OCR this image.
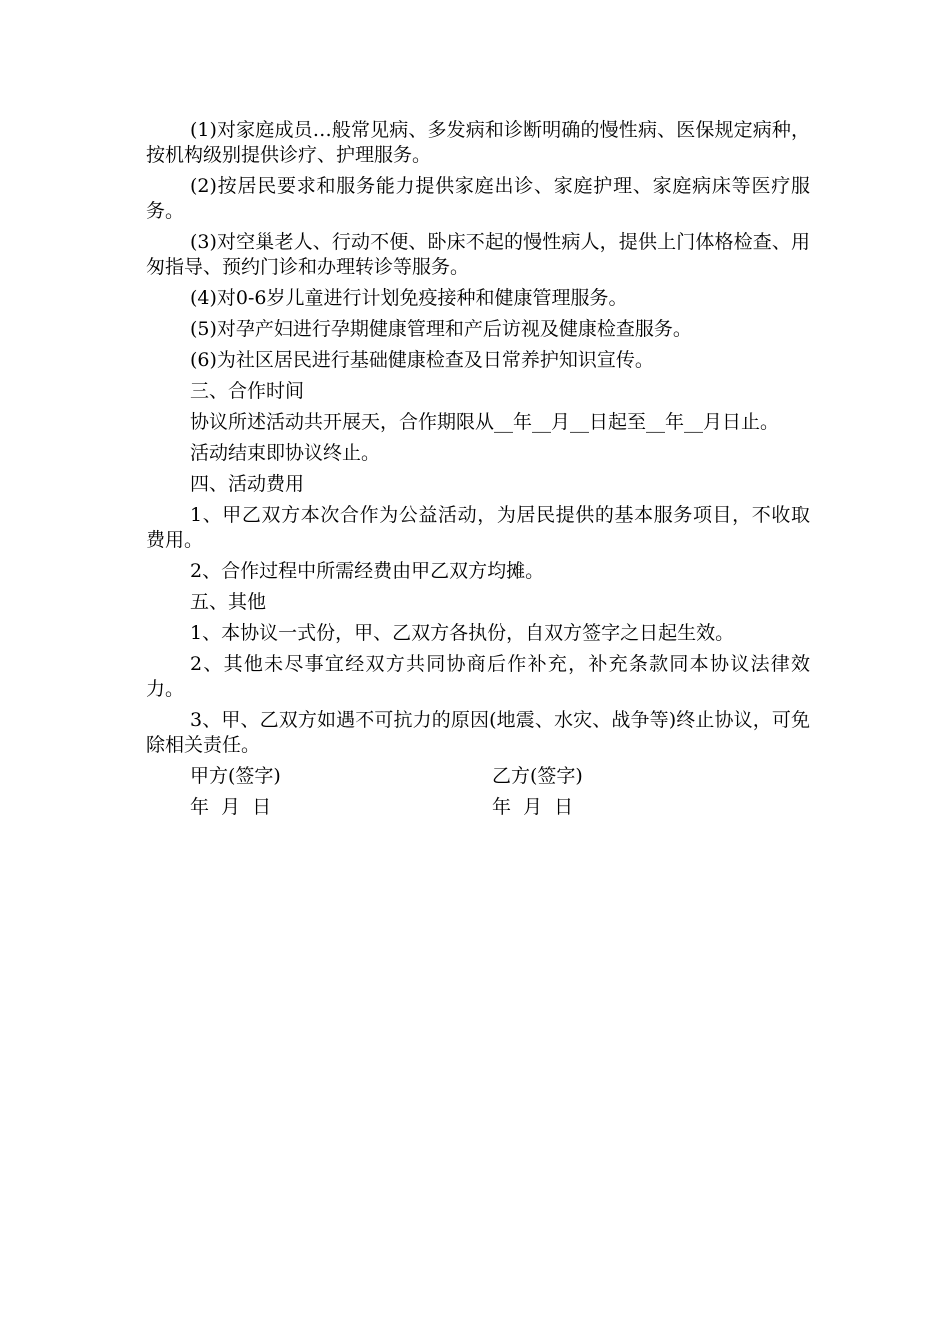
(1)对家庭成员…般常见病、多发病和诊断明确的慢性病、医保规定病种，按机构级别提供诊疗、护理服务。

(2)按居民要求和服务能力提供家庭出诊、家庭护理、家庭病床等医疗服务。

(3)对空巢老人、行动不便、卧床不起的慢性病人，提供上门体格检查、用匆指导、预约门诊和办理转诊等服务。

(4)对0-6岁儿童进行计划免疫接种和健康管理服务。

(5)对孕产妇进行孕期健康管理和产后访视及健康检查服务。

(6)为社区居民进行基础健康检查及日常养护知识宣传。

三、合作时间

协议所述活动共开展天，合作期限从__年__月__日起至__年__月日止。

活动结束即协议终止。

四、活动费用

1、甲乙双方本次合作为公益活动，为居民提供的基本服务项目，不收取费用。

2、合作过程中所需经费由甲乙双方均摊。

五、其他

1、本协议一式份，甲、乙双方各执份，自双方签字之日起生效。

2、其他未尽事宜经双方共同协商后作补充，补充条款同本协议法律效力。

3、甲、乙双方如遇不可抗力的原因(地震、水灾、战争等)终止协议，可免除相关责任。

甲方(签字)	乙方(签字)
年  月  日	年  月  日
